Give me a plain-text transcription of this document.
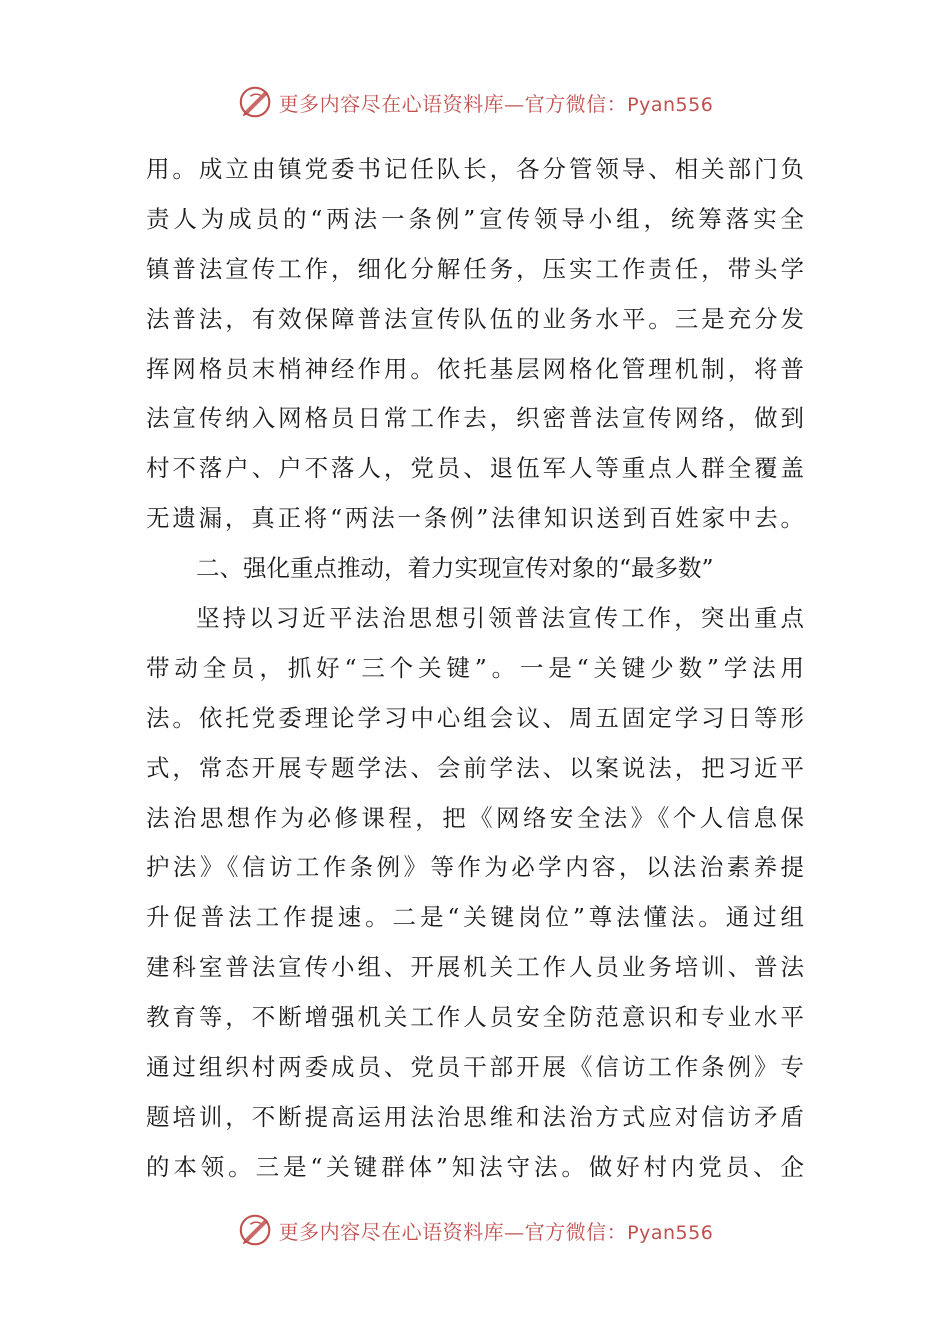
更多内容尽在心语资料库—官方微信：Pyan556
用。成立由镇党委书记任队长，各分管领导、相关部门负
责人为成员的“两法一条例”宣传领导小组，统筹落实全
镇普法宣传工作，细化分解任务，压实工作责任，带头学
法普法，有效保障普法宣传队伍的业务水平。三是充分发
挥网格员末梢神经作用。依托基层网格化管理机制，将普
法宣传纳入网格员日常工作去，织密普法宣传网络，做到
村不落户、户不落人，党员、退伍军人等重点人群全覆盖
无遗漏，真正将“两法一条例”法律知识送到百姓家中去。
二、强化重点推动，着力实现宣传对象的“最多数”
坚持以习近平法治思想引领普法宣传工作，突出重点
带动全员，抓好“三个关键”。一是“关键少数”学法用
法。依托党委理论学习中心组会议、周五固定学习日等形
式，常态开展专题学法、会前学法、以案说法，把习近平
法治思想作为必修课程，把《网络安全法》《个人信息保
护法》《信访工作条例》等作为必学内容，以法治素养提
升促普法工作提速。二是“关键岗位”尊法懂法。通过组
建科室普法宣传小组、开展机关工作人员业务培训、普法
教育等，不断增强机关工作人员安全防范意识和专业水平
通过组织村两委成员、党员干部开展《信访工作条例》专
题培训，不断提高运用法治思维和法治方式应对信访矛盾
的本领。三是“关键群体”知法守法。做好村内党员、企
更多内容尽在心语资料库—官方微信：Pyan556
